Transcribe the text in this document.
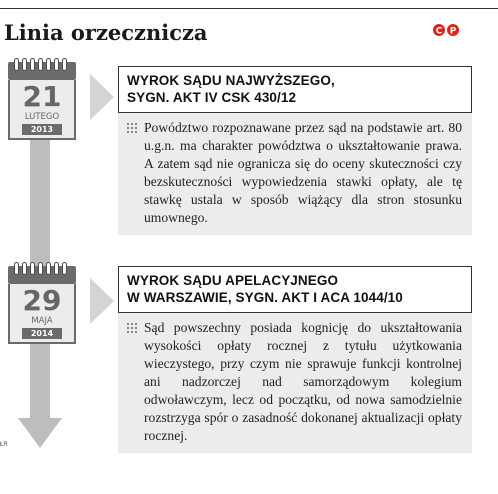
Linia orzecznicza	C P
21
LUTEGO
2013

WYROK SĄDU NAJWYŻSZEGO,
SYGN. AKT IV CSK 430/12

Powództwo rozpoznawane przez sąd na podstawie art. 80 u.g.n. ma charakter powództwa o ukształtowanie prawa. A zatem sąd nie ogranicza się do oceny skuteczności czy bezskuteczności wypowiedzenia stawki opłaty, ale tę stawkę ustala w sposób wiążący dla stron stosunku umownego.
29
MAJA
2014

WYROK SĄDU APELACYJNEGO
W WARSZAWIE, SYGN. AKT I ACA 1044/10

Sąd powszechny posiada kognicję do ukształtowania wysokości opłaty rocznej z tytułu użytkowania wieczystego, przy czym nie sprawuje funkcji kontrolnej ani nadzorczej nad samorządowym kolegium odwoławczym, lecz od początku, od nowa samodzielnie rozstrzyga spór o zasadność dokonanej aktualizacji opłaty rocznej.
ŁR
